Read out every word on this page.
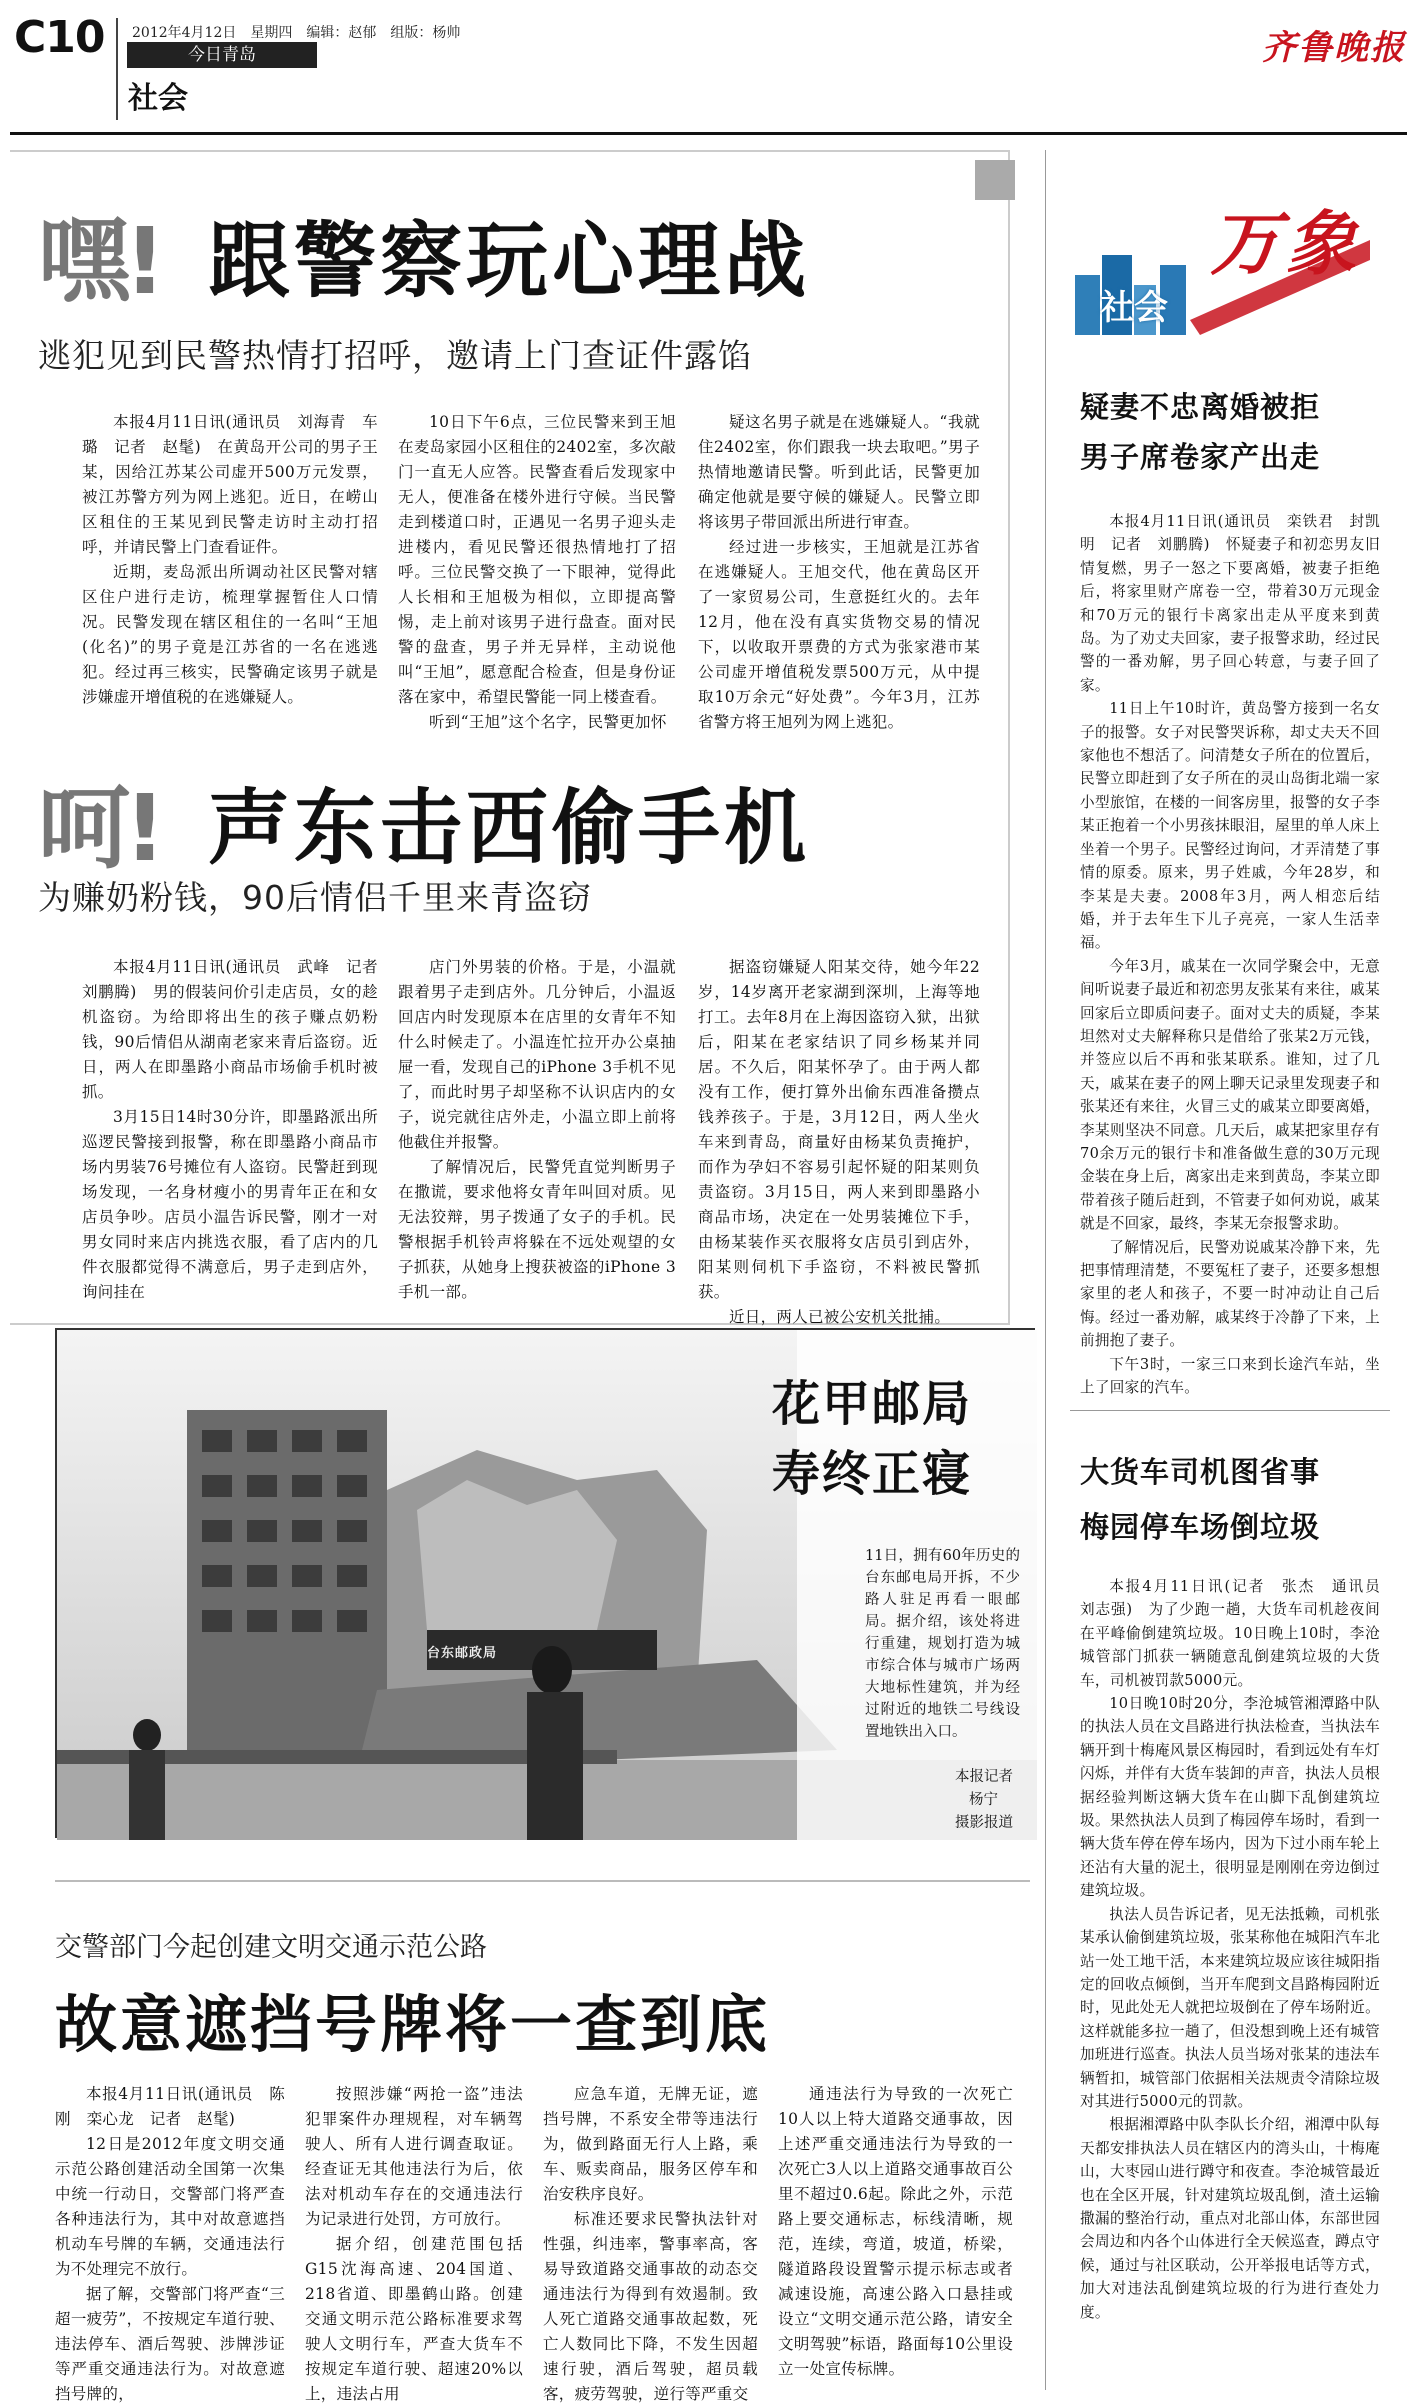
C10 2012年4月12日　星期四　编辑：赵郁　组版：杨帅
今日青岛
社会
齐鲁晚报
社会
万象
嘿! 跟警察玩心理战
逃犯见到民警热情打招呼，邀请上门查证件露馅

本报4月11日讯(通讯员　刘海青　车璐　记者　赵髦)　在黄岛开公司的男子王某，因给江苏某公司虚开500万元发票，被江苏警方列为网上逃犯。近日，在崂山区租住的王某见到民警走访时主动打招呼，并请民警上门查看证件。

近期，麦岛派出所调动社区民警对辖区住户进行走访，梳理掌握暂住人口情况。民警发现在辖区租住的一名叫“王旭(化名)”的男子竟是江苏省的一名在逃逃犯。经过再三核实，民警确定该男子就是涉嫌虚开增值税的在逃嫌疑人。

10日下午6点，三位民警来到王旭在麦岛家园小区租住的2402室，多次敲门一直无人应答。民警查看后发现家中无人，便准备在楼外进行守候。当民警走到楼道口时，正遇见一名男子迎头走进楼内，看见民警还很热情地打了招呼。三位民警交换了一下眼神，觉得此人长相和王旭极为相似，立即提高警惕，走上前对该男子进行盘查。面对民警的盘查，男子并无异样，主动说他叫“王旭”，愿意配合检查，但是身份证落在家中，希望民警能一同上楼查看。

听到“王旭”这个名字，民警更加怀

疑这名男子就是在逃嫌疑人。“我就住2402室，你们跟我一块去取吧。”男子热情地邀请民警。听到此话，民警更加确定他就是要守候的嫌疑人。民警立即将该男子带回派出所进行审查。

经过进一步核实，王旭就是江苏省在逃嫌疑人。王旭交代，他在黄岛区开了一家贸易公司，生意挺红火的。去年12月，他在没有真实货物交易的情况下，以收取开票费的方式为张家港市某公司虚开增值税发票500万元，从中提取10万余元“好处费”。今年3月，江苏省警方将王旭列为网上逃犯。

呵! 声东击西偷手机
为赚奶粉钱，90后情侣千里来青盗窃

本报4月11日讯(通讯员　武峰　记者　刘鹏腾)　男的假装问价引走店员，女的趁机盗窃。为给即将出生的孩子赚点奶粉钱，90后情侣从湖南老家来青后盗窃。近日，两人在即墨路小商品市场偷手机时被抓。

3月15日14时30分许，即墨路派出所巡逻民警接到报警，称在即墨路小商品市场内男装76号摊位有人盗窃。民警赶到现场发现，一名身材瘦小的男青年正在和女店员争吵。店员小温告诉民警，刚才一对男女同时来店内挑选衣服，看了店内的几件衣服都觉得不满意后，男子走到店外，询问挂在

店门外男装的价格。于是，小温就跟着男子走到店外。几分钟后，小温返回店内时发现原本在店里的女青年不知什么时候走了。小温连忙拉开办公桌抽屉一看，发现自己的iPhone 3手机不见了，而此时男子却坚称不认识店内的女子，说完就往店外走，小温立即上前将他截住并报警。

了解情况后，民警凭直觉判断男子在撒谎，要求他将女青年叫回对质。见无法狡辩，男子拨通了女子的手机。民警根据手机铃声将躲在不远处观望的女子抓获，从她身上搜获被盗的iPhone 3手机一部。

据盗窃嫌疑人阳某交待，她今年22岁，14岁离开老家湖到深圳，上海等地打工。去年8月在上海因盗窃入狱，出狱后，阳某在老家结识了同乡杨某并同居。不久后，阳某怀孕了。由于两人都没有工作，便打算外出偷东西准备攒点钱养孩子。于是，3月12日，两人坐火车来到青岛，商量好由杨某负责掩护，而作为孕妇不容易引起怀疑的阳某则负责盗窃。3月15日，两人来到即墨路小商品市场，决定在一处男装摊位下手，由杨某装作买衣服将女店员引到店外，阳某则伺机下手盗窃，不料被民警抓获。

近日，两人已被公安机关批捕。

台东邮政局
花甲邮局
寿终正寝
11日，拥有60年历史的台东邮电局开拆，不少路人驻足再看一眼邮局。据介绍，该处将进行重建，规划打造为城市综合体与城市广场两大地标性建筑，并为经过附近的地铁二号线设置地铁出入口。
本报记者
杨宁
摄影报道
交警部门今起创建文明交通示范公路
故意遮挡号牌将一查到底

本报4月11日讯(通讯员　陈刚　栾心龙　记者　赵髦)

12日是2012年度文明交通示范公路创建活动全国第一次集中统一行动日，交警部门将严查各种违法行为，其中对故意遮挡机动车号牌的车辆，交通违法行为不处理完不放行。

据了解，交警部门将严查“三超一疲劳”，不按规定车道行驶、违法停车、酒后驾驶、涉牌涉证等严重交通违法行为。对故意遮挡号牌的，

按照涉嫌“两抢一盗”违法犯罪案件办理规程，对车辆驾驶人、所有人进行调查取证。经查证无其他违法行为后，依法对机动车存在的交通违法行为记录进行处罚，方可放行。

据介绍，创建范围包括G15沈海高速、204国道、218省道、即墨鹤山路。创建交通文明示范公路标准要求驾驶人文明行车，严查大货车不按规定车道行驶、超速20%以上，违法占用

应急车道，无牌无证，遮挡号牌，不系安全带等违法行为，做到路面无行人上路，乘车、贩卖商品，服务区停车和治安秩序良好。

标准还要求民警执法针对性强，纠违率，警事率高，客易导致道路交通事故的动态交通违法行为得到有效遏制。致人死亡道路交通事故起数，死亡人数同比下降，不发生因超速行驶，酒后驾驶，超员载客，疲劳驾驶，逆行等严重交

通违法行为导致的一次死亡10人以上特大道路交通事故，因上述严重交通违法行为导致的一次死亡3人以上道路交通事故百公里不超过0.6起。除此之外，示范路上要交通标志，标线清晰，规范，连续，弯道，坡道，桥梁，隧道路段设置警示提示标志或者减速设施，高速公路入口悬挂或设立“文明交通示范公路，请安全文明驾驶”标语，路面每10公里设立一处宣传标牌。

疑妻不忠离婚被拒
男子席卷家产出走

本报4月11日讯(通讯员　栾铁君　封凯明　记者　刘鹏腾)　怀疑妻子和初恋男友旧情复燃，男子一怒之下要离婚，被妻子拒绝后，将家里财产席卷一空，带着30万元现金和70万元的银行卡离家出走从平度来到黄岛。为了劝丈夫回家，妻子报警求助，经过民警的一番劝解，男子回心转意，与妻子回了家。

11日上午10时许，黄岛警方接到一名女子的报警。女子对民警哭诉称，却丈夫天不回家他也不想活了。问清楚女子所在的位置后，民警立即赶到了女子所在的灵山岛街北端一家小型旅馆，在楼的一间客房里，报警的女子李某正抱着一个小男孩抹眼泪，屋里的单人床上坐着一个男子。民警经过询问，才弄清楚了事情的原委。原来，男子姓戚，今年28岁，和李某是夫妻。2008年3月，两人相恋后结婚，并于去年生下儿子亮亮，一家人生活幸福。

今年3月，戚某在一次同学聚会中，无意间听说妻子最近和初恋男友张某有来往，戚某回家后立即质问妻子。面对丈夫的质疑，李某坦然对丈夫解释称只是借给了张某2万元钱，并签应以后不再和张某联系。谁知，过了几天，戚某在妻子的网上聊天记录里发现妻子和张某还有来往，火冒三丈的戚某立即要离婚，李某则坚决不同意。几天后，戚某把家里存有70余万元的银行卡和准备做生意的30万元现金装在身上后，离家出走来到黄岛，李某立即带着孩子随后赶到，不管妻子如何劝说，戚某就是不回家，最终，李某无奈报警求助。

了解情况后，民警劝说戚某冷静下来，先把事情理清楚，不要冤枉了妻子，还要多想想家里的老人和孩子，不要一时冲动让自己后悔。经过一番劝解，戚某终于冷静了下来，上前拥抱了妻子。

下午3时，一家三口来到长途汽车站，坐上了回家的汽车。

大货车司机图省事
梅园停车场倒垃圾

本报4月11日讯(记者　张杰　通讯员　刘志强)　为了少跑一趟，大货车司机趁夜间在平峰偷倒建筑垃圾。10日晚上10时，李沧城管部门抓获一辆随意乱倒建筑垃圾的大货车，司机被罚款5000元。

10日晚10时20分，李沧城管湘潭路中队的执法人员在文昌路进行执法检查，当执法车辆开到十梅庵风景区梅园时，看到远处有车灯闪烁，并伴有大货车装卸的声音，执法人员根据经验判断这辆大货车在山脚下乱倒建筑垃圾。果然执法人员到了梅园停车场时，看到一辆大货车停在停车场内，因为下过小雨车轮上还沾有大量的泥土，很明显是刚刚在旁边倒过建筑垃圾。

执法人员告诉记者，见无法抵赖，司机张某承认偷倒建筑垃圾，张某称他在城阳汽车北站一处工地干活，本来建筑垃圾应该往城阳指定的回收点倾倒，当开车爬到文昌路梅园附近时，见此处无人就把垃圾倒在了停车场附近。这样就能多拉一趟了，但没想到晚上还有城管加班进行巡查。执法人员当场对张某的违法车辆暂扣，城管部门依据相关法规责令清除垃圾对其进行5000元的罚款。

根据湘潭路中队李队长介绍，湘潭中队每天都安排执法人员在辖区内的湾头山，十梅庵山，大枣园山进行蹲守和夜查。李沧城管最近也在全区开展，针对建筑垃圾乱倒，渣土运输撒漏的整治行动，重点对北部山体，东部世园会周边和内各个山体进行全天候巡查，蹲点守候，通过与社区联动，公开举报电话等方式，加大对违法乱倒建筑垃圾的行为进行查处力度。
